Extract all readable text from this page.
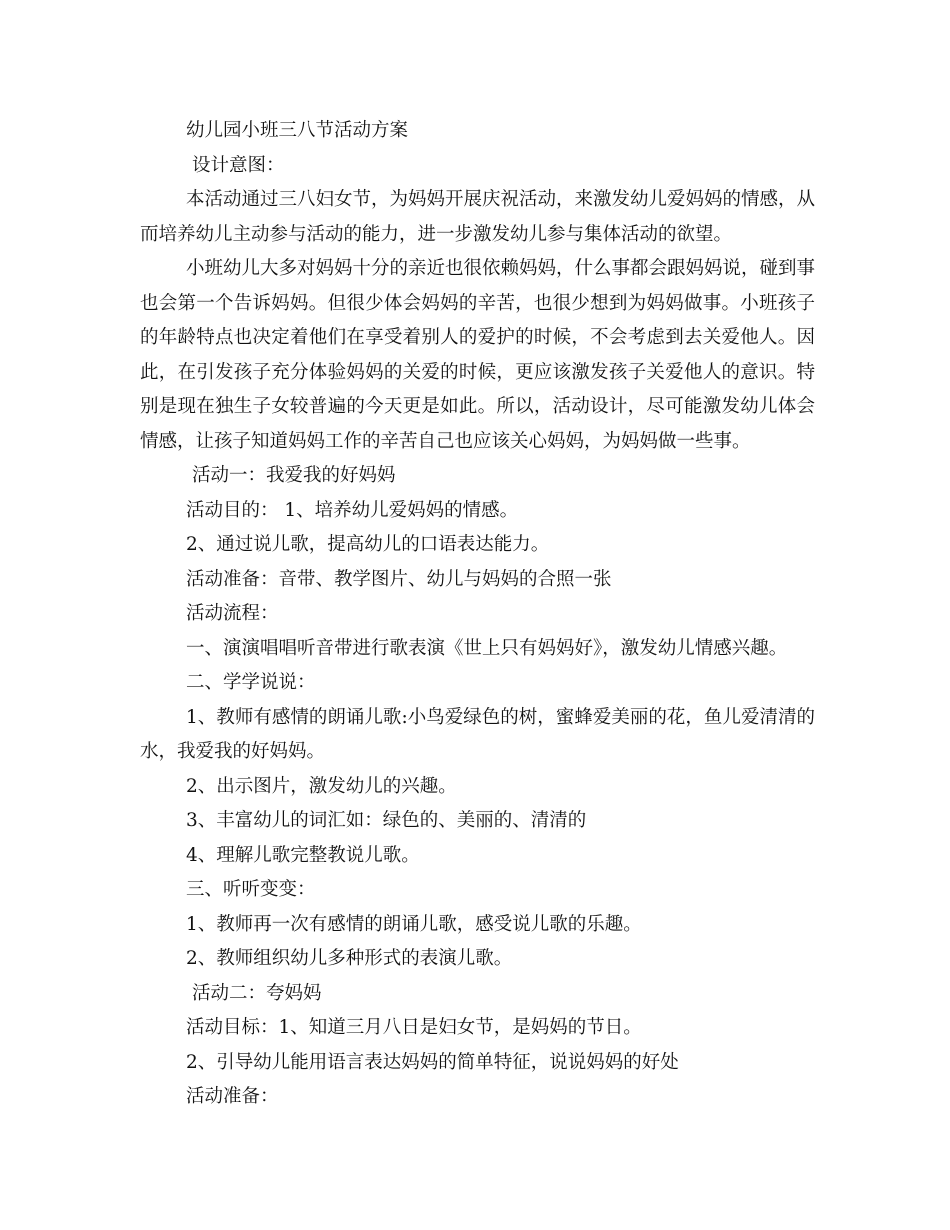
幼儿园小班三八节活动方案
设计意图：
本活动通过三八妇女节，为妈妈开展庆祝活动，来激发幼儿爱妈妈的情感，从而培养幼儿主动参与活动的能力，进一步激发幼儿参与集体活动的欲望。
小班幼儿大多对妈妈十分的亲近也很依赖妈妈，什么事都会跟妈妈说，碰到事也会第一个告诉妈妈。但很少体会妈妈的辛苦，也很少想到为妈妈做事。小班孩子的年龄特点也决定着他们在享受着别人的爱护的时候，不会考虑到去关爱他人。因此，在引发孩子充分体验妈妈的关爱的时候，更应该激发孩子关爱他人的意识。特别是现在独生子女较普遍的今天更是如此。所以，活动设计，尽可能激发幼儿体会情感，让孩子知道妈妈工作的辛苦自己也应该关心妈妈，为妈妈做一些事。
活动一：我爱我的好妈妈
活动目的： 1、培养幼儿爱妈妈的情感。
2、通过说儿歌，提高幼儿的口语表达能力。
活动准备：音带、教学图片、幼儿与妈妈的合照一张
活动流程：
一、演演唱唱听音带进行歌表演《世上只有妈妈好》，激发幼儿情感兴趣。
二、学学说说：
1、教师有感情的朗诵儿歌:小鸟爱绿色的树，蜜蜂爱美丽的花，鱼儿爱清清的水，我爱我的好妈妈。
2、出示图片，激发幼儿的兴趣。
3、丰富幼儿的词汇如：绿色的、美丽的、清清的
4、理解儿歌完整教说儿歌。
三、听听变变：
1、教师再一次有感情的朗诵儿歌，感受说儿歌的乐趣。
2、教师组织幼儿多种形式的表演儿歌。
活动二：夸妈妈
活动目标：1、知道三月八日是妇女节，是妈妈的节日。
2、引导幼儿能用语言表达妈妈的简单特征，说说妈妈的好处
活动准备：
